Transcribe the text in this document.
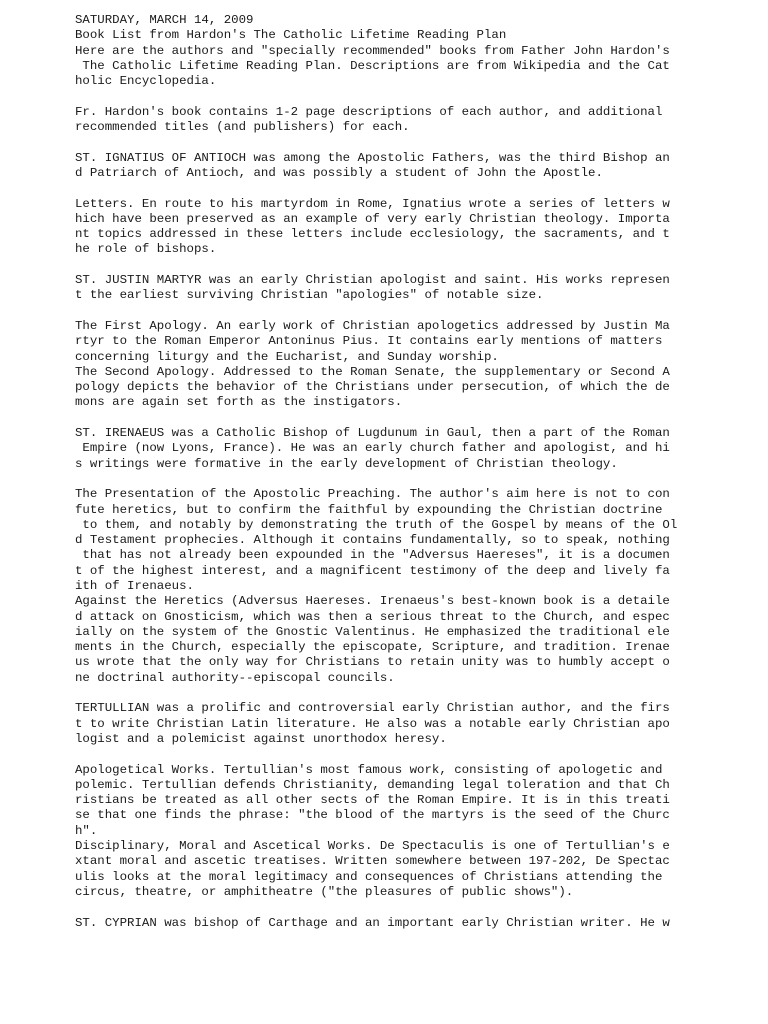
SATURDAY, MARCH 14, 2009
Book List from Hardon's The Catholic Lifetime Reading Plan
Here are the authors and "specially recommended" books from Father John Hardon's
The Catholic Lifetime Reading Plan. Descriptions are from Wikipedia and the Cat
holic Encyclopedia.
Fr. Hardon's book contains 1-2 page descriptions of each author, and additional
recommended titles (and publishers) for each.
ST. IGNATIUS OF ANTIOCH was among the Apostolic Fathers, was the third Bishop an
d Patriarch of Antioch, and was possibly a student of John the Apostle.
Letters. En route to his martyrdom in Rome, Ignatius wrote a series of letters w
hich have been preserved as an example of very early Christian theology. Importa
nt topics addressed in these letters include ecclesiology, the sacraments, and t
he role of bishops.
ST. JUSTIN MARTYR was an early Christian apologist and saint. His works represen
t the earliest surviving Christian "apologies" of notable size.
The First Apology. An early work of Christian apologetics addressed by Justin Ma
rtyr to the Roman Emperor Antoninus Pius. It contains early mentions of matters
concerning liturgy and the Eucharist, and Sunday worship.
The Second Apology. Addressed to the Roman Senate, the supplementary or Second A
pology depicts the behavior of the Christians under persecution, of which the de
mons are again set forth as the instigators.
ST. IRENAEUS was a Catholic Bishop of Lugdunum in Gaul, then a part of the Roman
Empire (now Lyons, France). He was an early church father and apologist, and hi
s writings were formative in the early development of Christian theology.
The Presentation of the Apostolic Preaching. The author's aim here is not to con
fute heretics, but to confirm the faithful by expounding the Christian doctrine
to them, and notably by demonstrating the truth of the Gospel by means of the Ol
d Testament prophecies. Although it contains fundamentally, so to speak, nothing
that has not already been expounded in the "Adversus Haereses", it is a documen
t of the highest interest, and a magnificent testimony of the deep and lively fa
ith of Irenaeus.
Against the Heretics (Adversus Haereses. Irenaeus's best-known book is a detaile
d attack on Gnosticism, which was then a serious threat to the Church, and espec
ially on the system of the Gnostic Valentinus. He emphasized the traditional ele
ments in the Church, especially the episcopate, Scripture, and tradition. Irenae
us wrote that the only way for Christians to retain unity was to humbly accept o
ne doctrinal authority--episcopal councils.
TERTULLIAN was a prolific and controversial early Christian author, and the firs
t to write Christian Latin literature. He also was a notable early Christian apo
logist and a polemicist against unorthodox heresy.
Apologetical Works. Tertullian's most famous work, consisting of apologetic and
polemic. Tertullian defends Christianity, demanding legal toleration and that Ch
ristians be treated as all other sects of the Roman Empire. It is in this treati
se that one finds the phrase: "the blood of the martyrs is the seed of the Churc
h".
Disciplinary, Moral and Ascetical Works. De Spectaculis is one of Tertullian's e
xtant moral and ascetic treatises. Written somewhere between 197-202, De Spectac
ulis looks at the moral legitimacy and consequences of Christians attending the
circus, theatre, or amphitheatre ("the pleasures of public shows").
ST. CYPRIAN was bishop of Carthage and an important early Christian writer. He w
